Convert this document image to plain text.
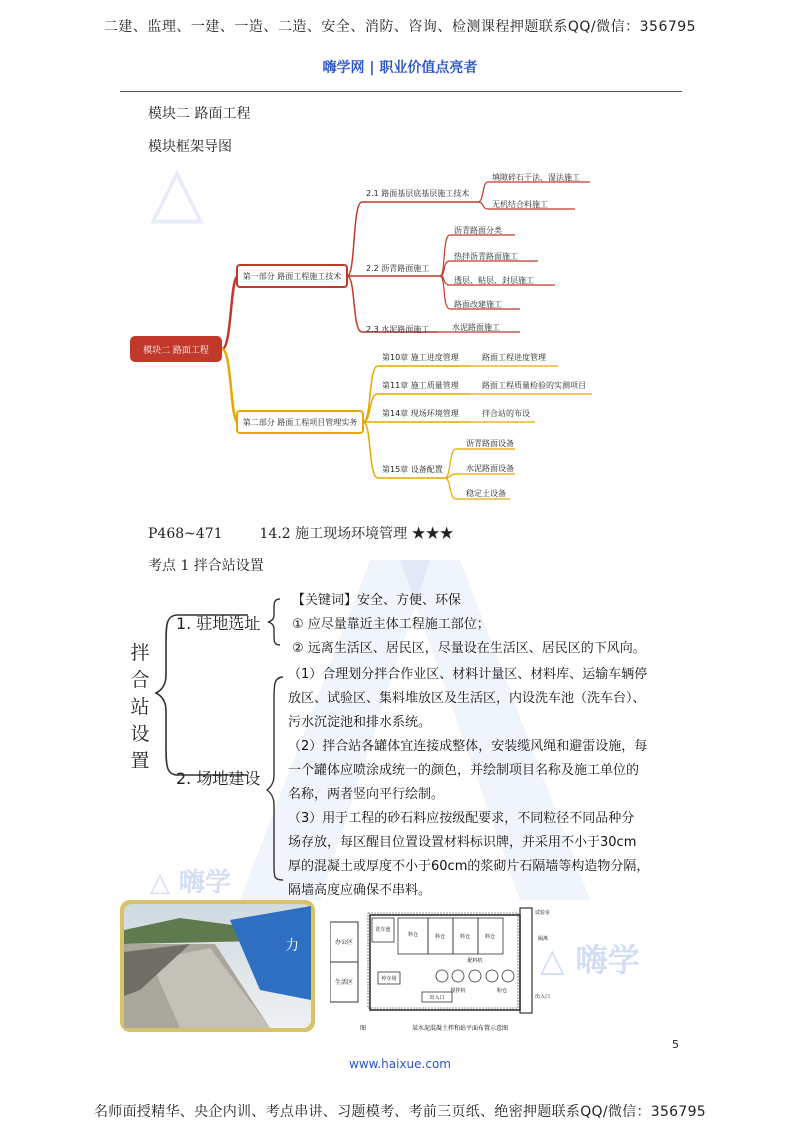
二建、监理、一建、一造、二造、安全、消防、咨询、检测课程押题联系QQ/微信：356795
嗨学网 | 职业价值点亮者
△
模块二 路面工程
模块框架导图
模块二 路面工程
第一部分 路面工程施工技术
2.1 路面基层底基层施工技术
2.2 沥青路面施工
2.3 水泥路面施工
填隙碎石干法、湿法施工
无机结合料施工
沥青路面分类
热拌沥青路面施工
透层、粘层、封层施工
路面改建施工
水泥路面施工
第二部分 路面工程项目管理实务
第10章 施工进度管理
第11章 施工质量管理
第14章 现场环境管理
第15章 设备配置
路面工程进度管理
路面工程质量检验的实测项目
拌合站的布设
沥青路面设备
水泥路面设备
稳定土设备
P468~471	14.2 施工现场环境管理 ★★★
考点 1 拌合站设置
拌合站设置
1. 驻地选址
2. 场地建设
【关键词】安全、方便、环保
① 应尽量靠近主体工程施工部位；
② 远离生活区、居民区，尽量设在生活区、居民区的下风向。
（1）合理划分拌合作业区、材料计量区、材料库、运输车辆停
放区、试验区、集料堆放区及生活区，内设洗车池（洗车台）、
污水沉淀池和排水系统。
（2）拌合站各罐体宜连接成整体，安装缆风绳和避雷设施，每
一个罐体应喷涂成统一的颜色，并绘制项目名称及施工单位的
名称，两者竖向平行绘制。
（3）用于工程的砂石料应按级配要求，不同粒径不同品种分
场存放，每区醒目位置设置材料标识牌，并采用不小于30cm
厚的混凝土或厚度不小于60cm的浆砌片石隔墙等构造物分隔，
隔墙高度应确保不串料。
力	办公区
生活区
洗车池
料仓	料仓	料仓	料仓
配料机
停车场
出入口
搅拌机	粉仓
试验室
隔离
出入口
图	某水泥混凝土拌和站平面布置示意图
△ 嗨学
△ 嗨学
5
www.haixue.com
名师面授精华、央企内训、考点串讲、习题模考、考前三页纸、绝密押题联系QQ/微信：356795
